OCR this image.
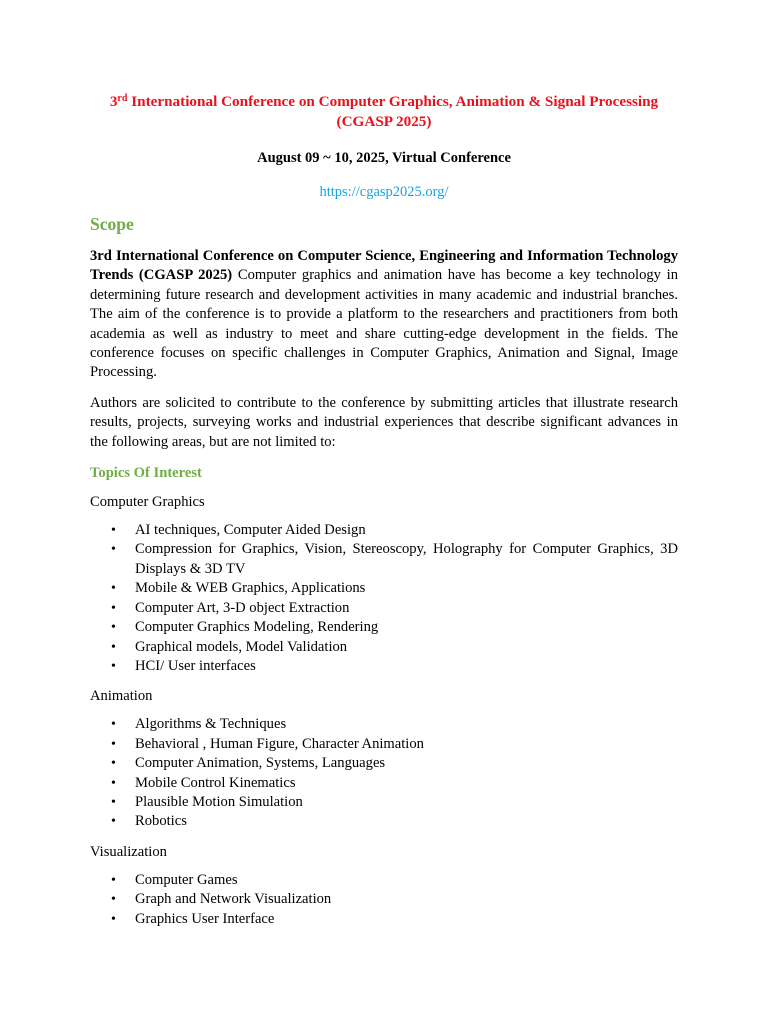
3rd International Conference on Computer Graphics, Animation & Signal Processing
(CGASP 2025)
August 09 ~ 10, 2025, Virtual Conference
https://cgasp2025.org/
Scope

3rd International Conference on Computer Science, Engineering and Information Technology Trends (CGASP 2025) Computer graphics and animation have has become a key technology in determining future research and development activities in many academic and industrial branches. The aim of the conference is to provide a platform to the researchers and practitioners from both academia as well as industry to meet and share cutting-edge development in the fields. The conference focuses on specific challenges in Computer Graphics, Animation and Signal, Image Processing.

Authors are solicited to contribute to the conference by submitting articles that illustrate research results, projects, surveying works and industrial experiences that describe significant advances in the following areas, but are not limited to:

Topics Of Interest
Computer Graphics
• AI techniques, Computer Aided Design
• Compression for Graphics, Vision, Stereoscopy, Holography for Computer Graphics, 3D Displays & 3D TV
• Mobile & WEB Graphics, Applications
• Computer Art, 3-D object Extraction
• Computer Graphics Modeling, Rendering
• Graphical models, Model Validation
• HCI/ User interfaces
Animation
• Algorithms & Techniques
• Behavioral , Human Figure, Character Animation
• Computer Animation, Systems, Languages
• Mobile Control Kinematics
• Plausible Motion Simulation
• Robotics
Visualization
• Computer Games
• Graph and Network Visualization
• Graphics User Interface
